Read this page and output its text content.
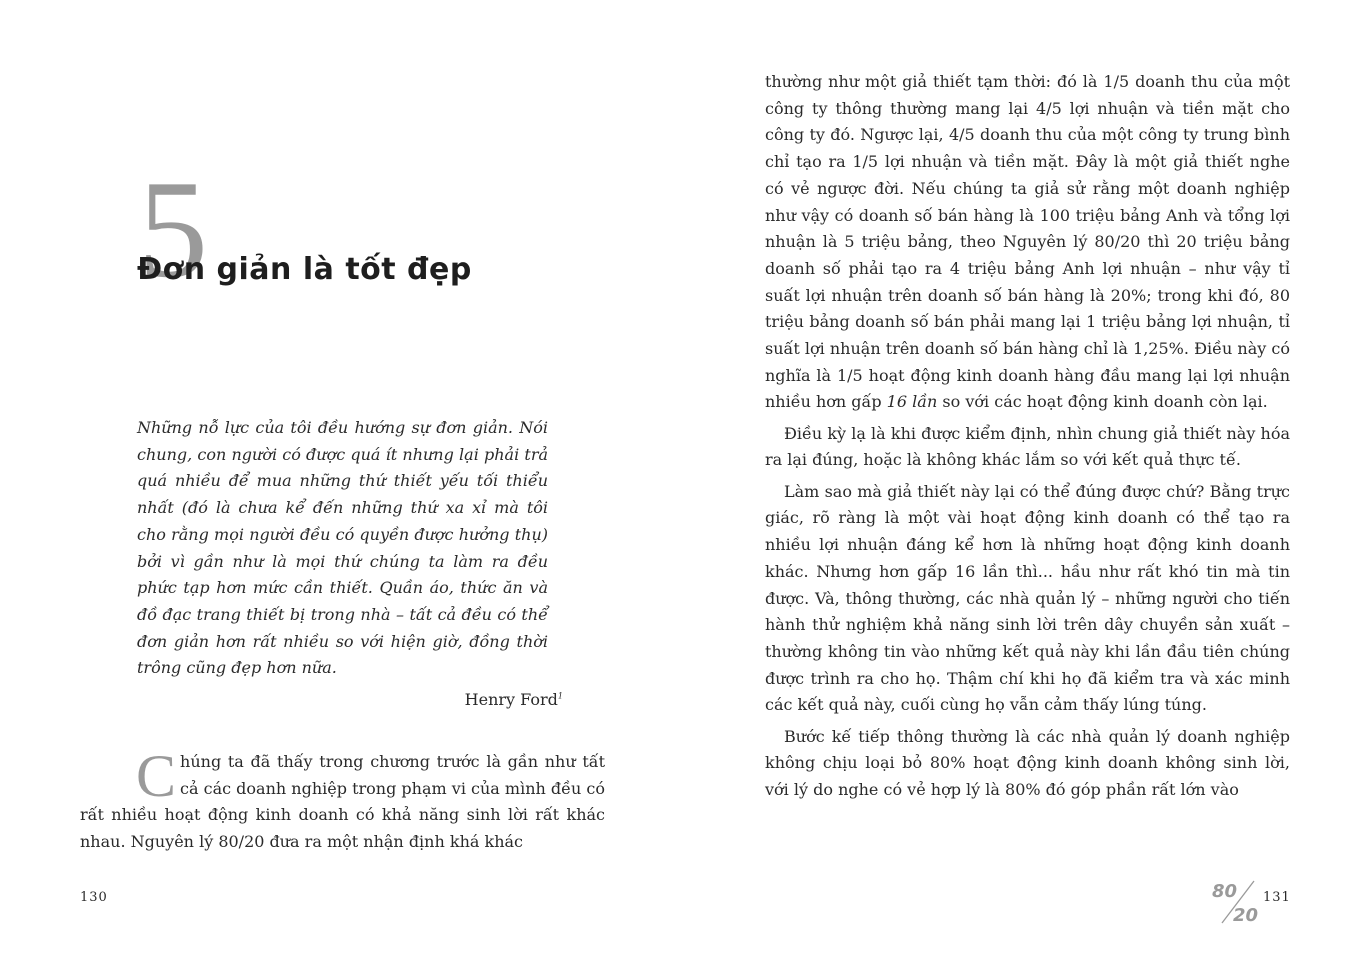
5
Đơn giản là tốt đẹp

Những nỗ lực của tôi đều hướng sự đơn giản. Nói chung, con người có được quá ít nhưng lại phải trả quá nhiều để mua những thứ thiết yếu tối thiểu nhất (đó là chưa kể đến những thứ xa xỉ mà tôi cho rằng mọi người đều có quyền được hưởng thụ) bởi vì gần như là mọi thứ chúng ta làm ra đều phức tạp hơn mức cần thiết. Quần áo, thức ăn và đồ đạc trang thiết bị trong nhà – tất cả đều có thể đơn giản hơn rất nhiều so với hiện giờ, đồng thời trông cũng đẹp hơn nữa.

Henry Ford$^1$

Chúng ta đã thấy trong chương trước là gần như tất cả các doanh nghiệp trong phạm vi của mình đều có rất nhiều hoạt động kinh doanh có khả năng sinh lời rất khác nhau. Nguyên lý 80/20 đưa ra một nhận định khá khác

130

thường như một giả thiết tạm thời: đó là 1/5 doanh thu của một công ty thông thường mang lại 4/5 lợi nhuận và tiền mặt cho công ty đó. Ngược lại, 4/5 doanh thu của một công ty trung bình chỉ tạo ra 1/5 lợi nhuận và tiền mặt. Đây là một giả thiết nghe có vẻ ngược đời. Nếu chúng ta giả sử rằng một doanh nghiệp như vậy có doanh số bán hàng là 100 triệu bảng Anh và tổng lợi nhuận là 5 triệu bảng, theo Nguyên lý 80/20 thì 20 triệu bảng doanh số phải tạo ra 4 triệu bảng Anh lợi nhuận – như vậy tỉ suất lợi nhuận trên doanh số bán hàng là 20%; trong khi đó, 80 triệu bảng doanh số bán phải mang lại 1 triệu bảng lợi nhuận, tỉ suất lợi nhuận trên doanh số bán hàng chỉ là 1,25%. Điều này có nghĩa là 1/5 hoạt động kinh doanh hàng đầu mang lại lợi nhuận nhiều hơn gấp 16 lần so với các hoạt động kinh doanh còn lại.

Điều kỳ lạ là khi được kiểm định, nhìn chung giả thiết này hóa ra lại đúng, hoặc là không khác lắm so với kết quả thực tế.

Làm sao mà giả thiết này lại có thể đúng được chứ? Bằng trực giác, rõ ràng là một vài hoạt động kinh doanh có thể tạo ra nhiều lợi nhuận đáng kể hơn là những hoạt động kinh doanh khác. Nhưng hơn gấp 16 lần thì... hầu như rất khó tin mà tin được. Và, thông thường, các nhà quản lý – những người cho tiến hành thử nghiệm khả năng sinh lời trên dây chuyền sản xuất – thường không tin vào những kết quả này khi lần đầu tiên chúng được trình ra cho họ. Thậm chí khi họ đã kiểm tra và xác minh các kết quả này, cuối cùng họ vẫn cảm thấy lúng túng.

Bước kế tiếp thông thường là các nhà quản lý doanh nghiệp không chịu loại bỏ 80% hoạt động kinh doanh không sinh lời, với lý do nghe có vẻ hợp lý là 80% đó góp phần rất lớn vào

80
20
131
